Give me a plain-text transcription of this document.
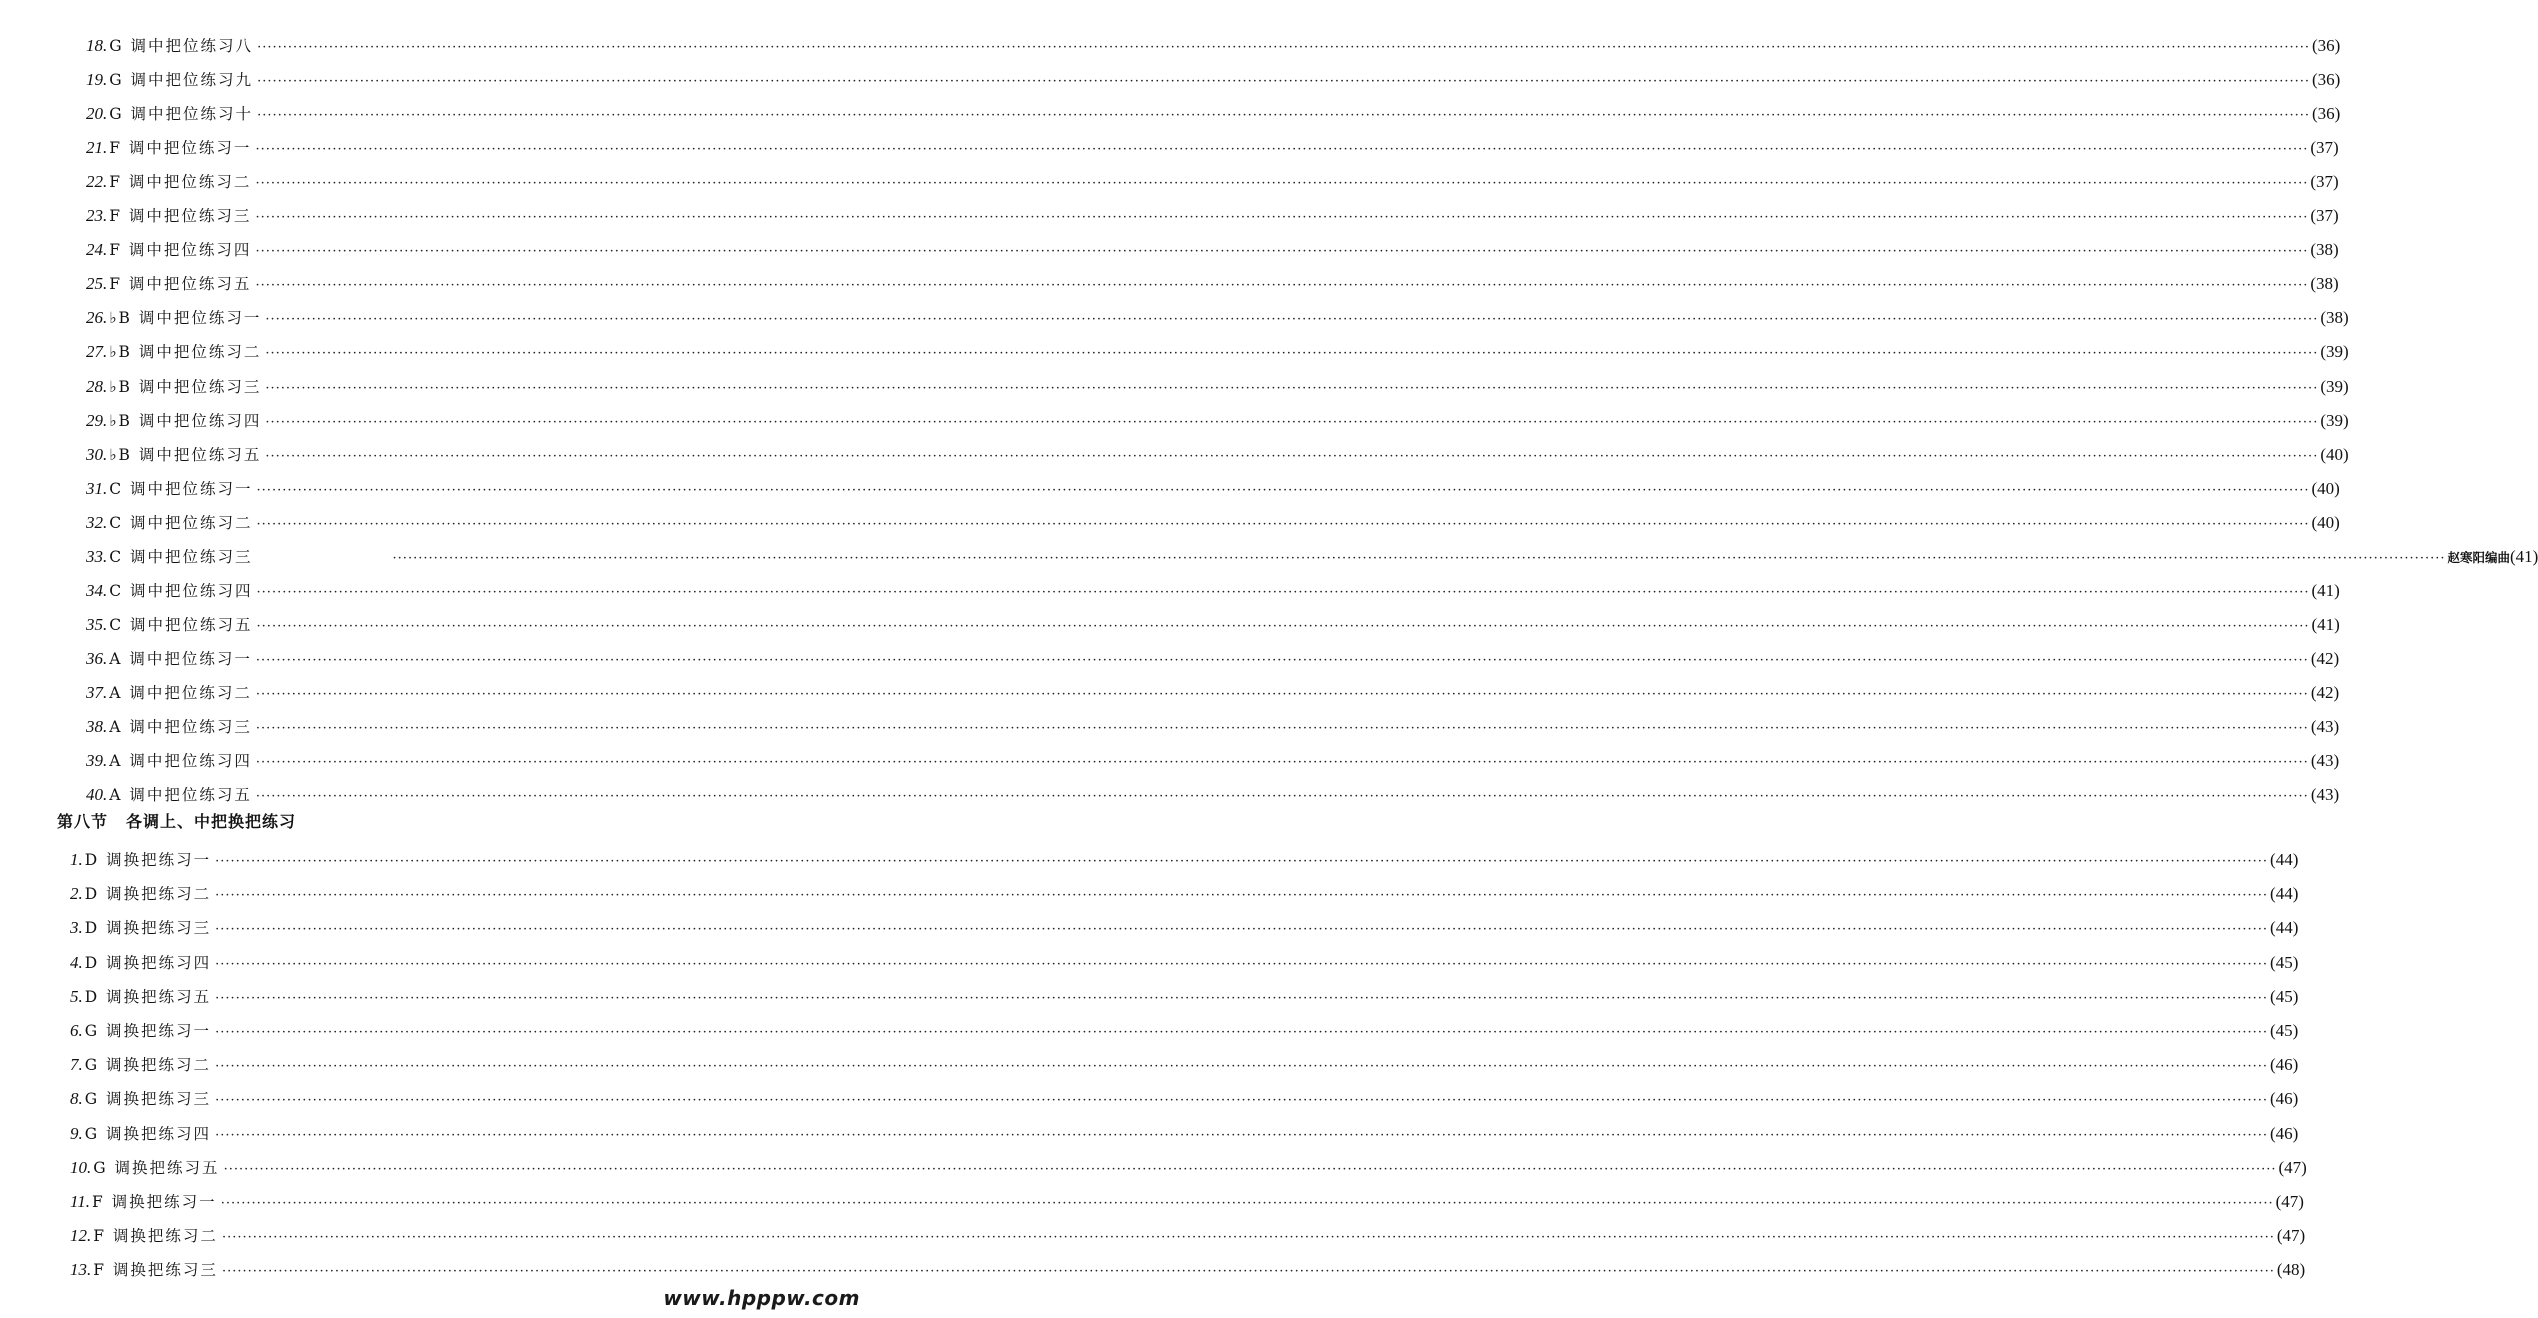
18. G 调中把位练习八 ················································································································································································································································································································································································································ (36)
19. G 调中把位练习九 ················································································································································································································································································································································································································ (36)
20. G 调中把位练习十 ················································································································································································································································································································································································································ (36)
21. F 调中把位练习一 ················································································································································································································································································································································································································ (37)
22. F 调中把位练习二 ················································································································································································································································································································································································································ (37)
23. F 调中把位练习三 ················································································································································································································································································································································································································ (37)
24. F 调中把位练习四 ················································································································································································································································································································································································································ (38)
25. F 调中把位练习五 ················································································································································································································································································································································································································ (38)
26. ♭B 调中把位练习一 ················································································································································································································································································································································································································ (38)
27. ♭B 调中把位练习二 ················································································································································································································································································································································································································ (39)
28. ♭B 调中把位练习三 ················································································································································································································································································································································································································ (39)
29. ♭B 调中把位练习四 ················································································································································································································································································································································································································ (39)
30. ♭B 调中把位练习五 ················································································································································································································································································································································································································ (40)
31. C 调中把位练习一 ················································································································································································································································································································································································································ (40)
32. C 调中把位练习二 ················································································································································································································································································································································································································ (40)
33. C 调中把位练习三	················································································································································································································································································································································································································ 赵寒阳编曲 (41)
34. C 调中把位练习四 ················································································································································································································································································································································································································ (41)
35. C 调中把位练习五 ················································································································································································································································································································································································································ (41)
36. A 调中把位练习一 ················································································································································································································································································································································································································ (42)
37. A 调中把位练习二 ················································································································································································································································································································································································································ (42)
38. A 调中把位练习三 ················································································································································································································································································································································································································ (43)
39. A 调中把位练习四 ················································································································································································································································································································································································································ (43)
40. A 调中把位练习五 ················································································································································································································································································································································································································ (43)
第八节 各调上、中把换把练习
1. D 调换把练习一 ················································································································································································································································································································································································································ (44)
2. D 调换把练习二 ················································································································································································································································································································································································································ (44)
3. D 调换把练习三 ················································································································································································································································································································································································································ (44)
4. D 调换把练习四 ················································································································································································································································································································································································································ (45)
5. D 调换把练习五 ················································································································································································································································································································································································································ (45)
6. G 调换把练习一 ················································································································································································································································································································································································································ (45)
7. G 调换把练习二 ················································································································································································································································································································································································································ (46)
8. G 调换把练习三 ················································································································································································································································································································································································································ (46)
9. G 调换把练习四 ················································································································································································································································································································································································································ (46)
10. G 调换把练习五 ················································································································································································································································································································································································································ (47)
11. F 调换把练习一 ················································································································································································································································································································································································································ (47)
12. F 调换把练习二 ················································································································································································································································································································································································································ (47)
13. F 调换把练习三 ················································································································································································································································································································································································································ (48)
www.hpppw.com
